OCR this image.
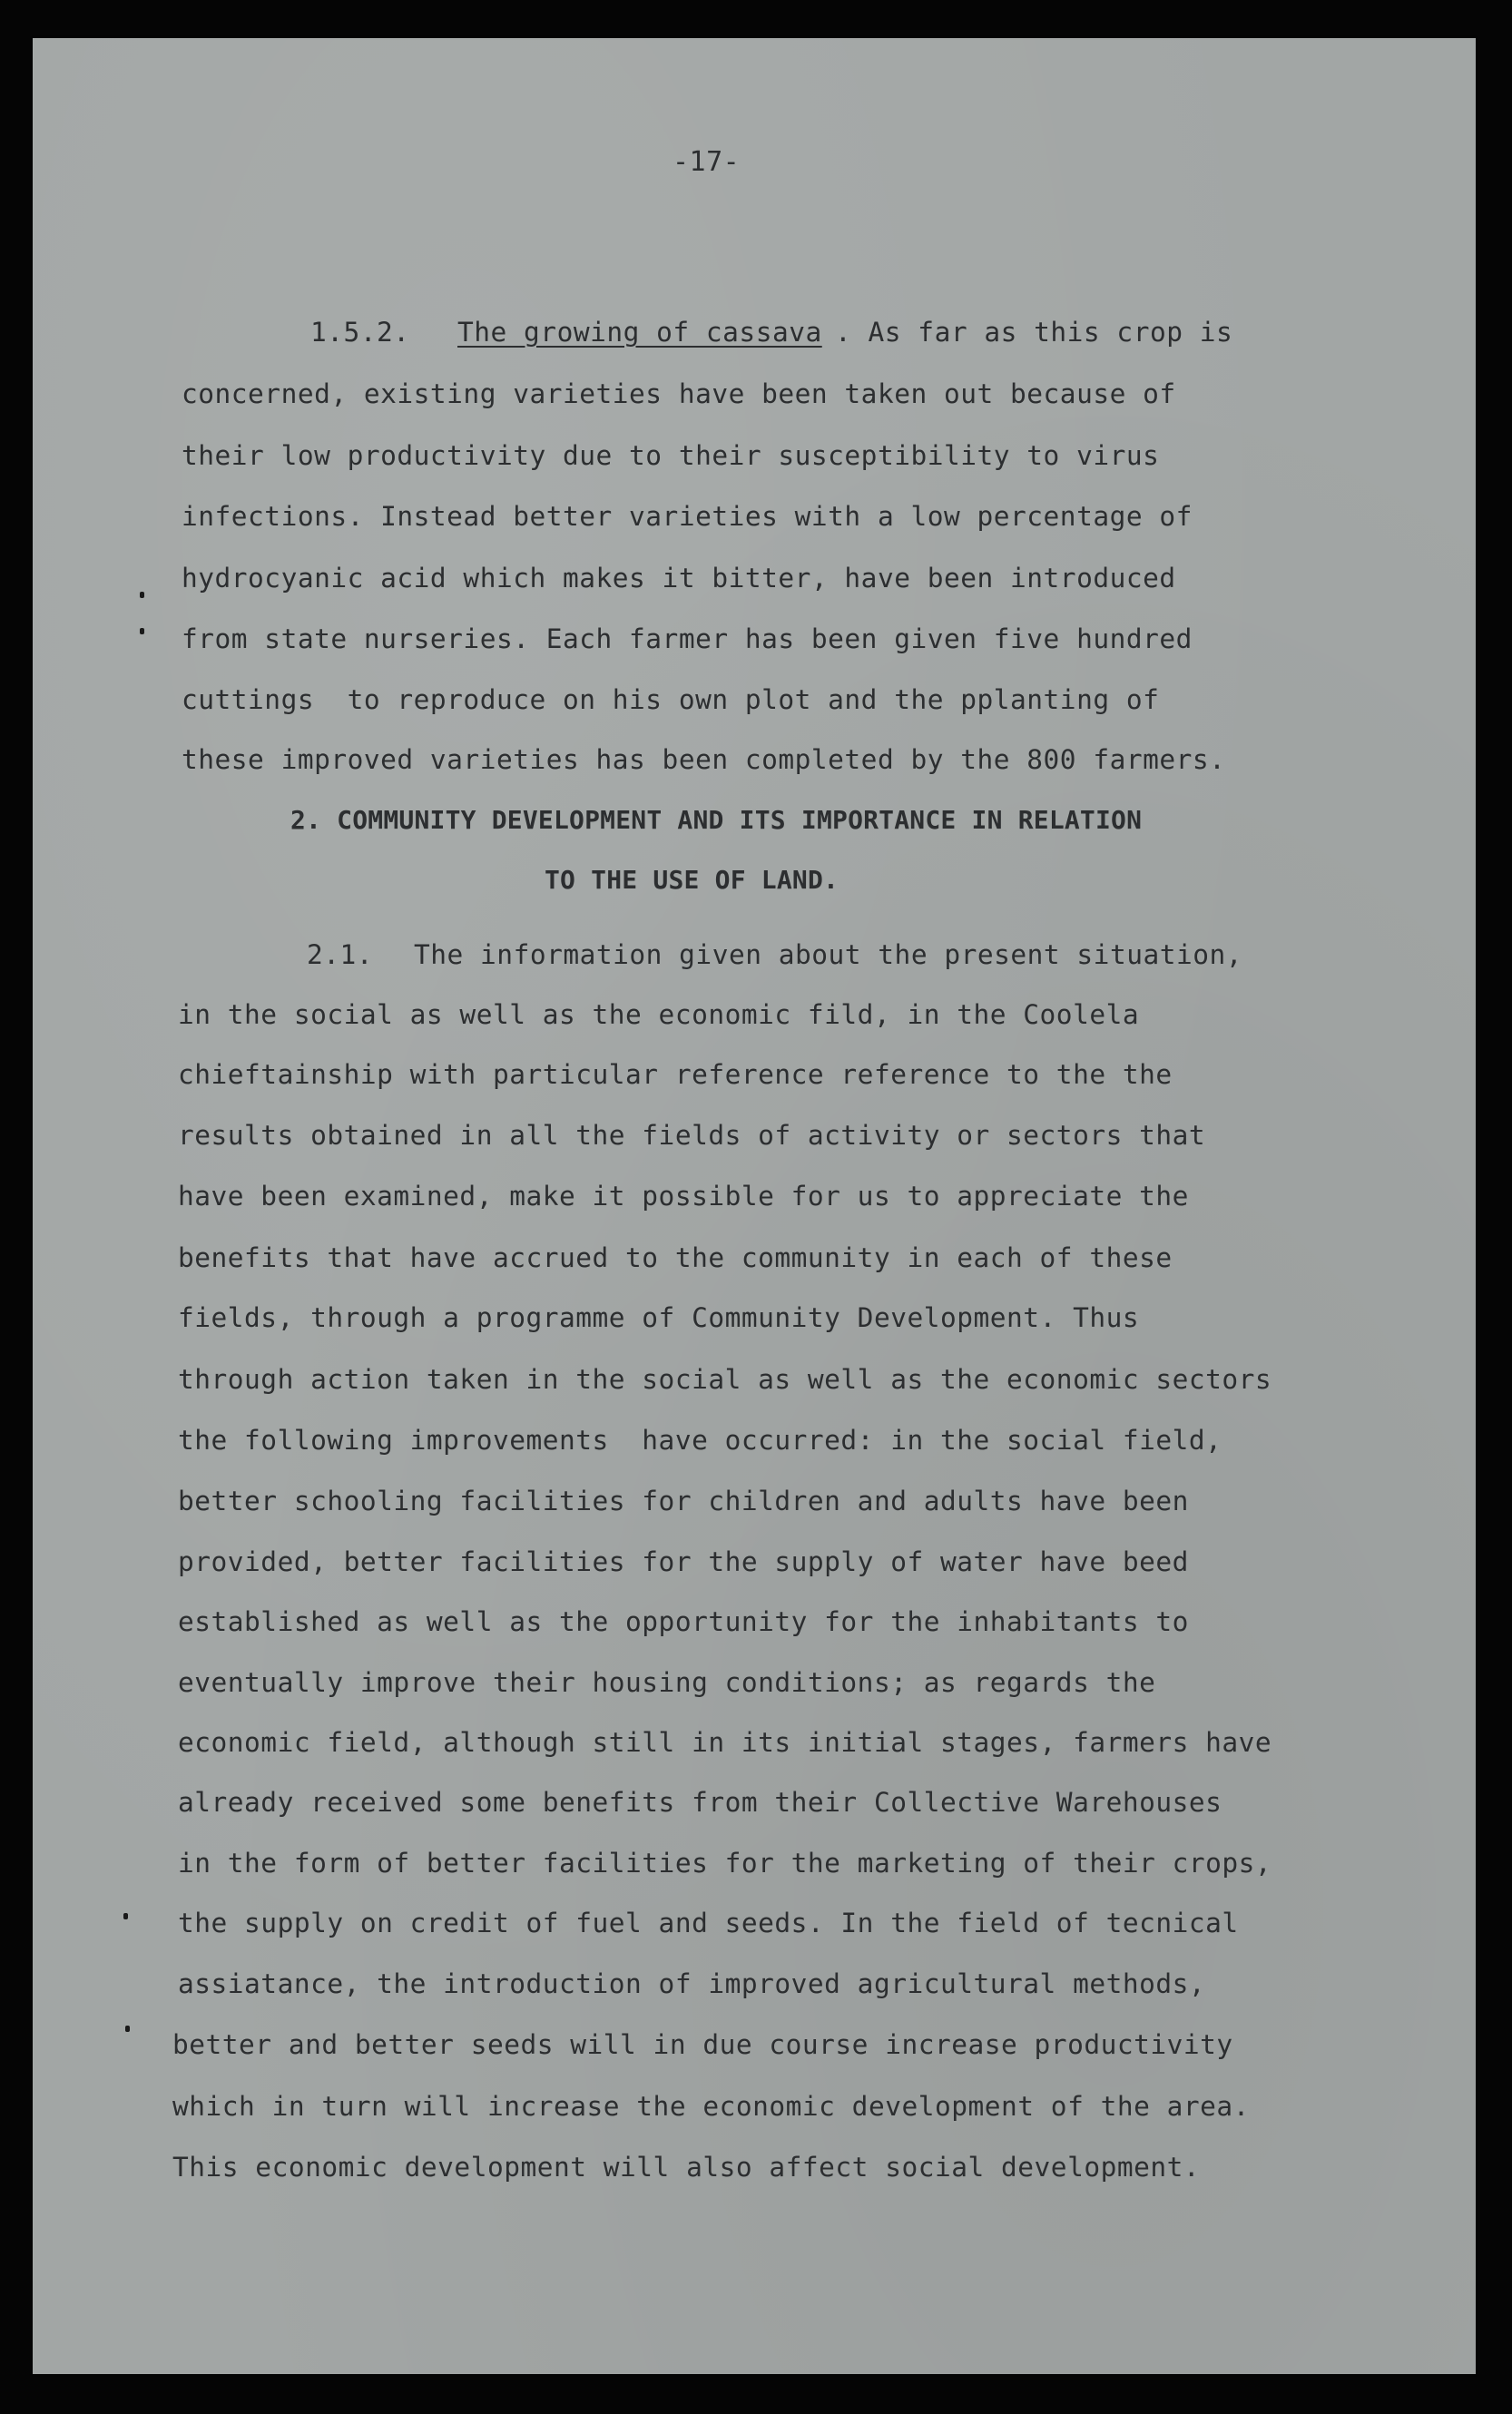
-17-
1.5.2. The growing of cassava . As far as this crop is
concerned, existing varieties have been taken out because of
their low productivity due to their susceptibility to virus
infections. Instead better varieties with a low percentage of
hydrocyanic acid which makes it bitter, have been introduced
from state nurseries. Each farmer has been given five hundred
cuttings  to reproduce on his own plot and the pplanting of
these improved varieties has been completed by the 800 farmers.
2. COMMUNITY DEVELOPMENT AND ITS IMPORTANCE IN RELATION
TO THE USE OF LAND.
2.1. The information given about the present situation,
in the social as well as the economic fild, in the Coolela
chieftainship with particular reference reference to the the
results obtained in all the fields of activity or sectors that
have been examined, make it possible for us to appreciate the
benefits that have accrued to the community in each of these
fields, through a programme of Community Development. Thus
through action taken in the social as well as the economic sectors
the following improvements  have occurred: in the social field,
better schooling facilities for children and adults have been
provided, better facilities for the supply of water have beed
established as well as the opportunity for the inhabitants to
eventually improve their housing conditions; as regards the
economic field, although still in its initial stages, farmers have
already received some benefits from their Collective Warehouses
in the form of better facilities for the marketing of their crops,
the supply on credit of fuel and seeds. In the field of tecnical
assiatance, the introduction of improved agricultural methods,
better and better seeds will in due course increase productivity
which in turn will increase the economic development of the area.
This economic development will also affect social development.
